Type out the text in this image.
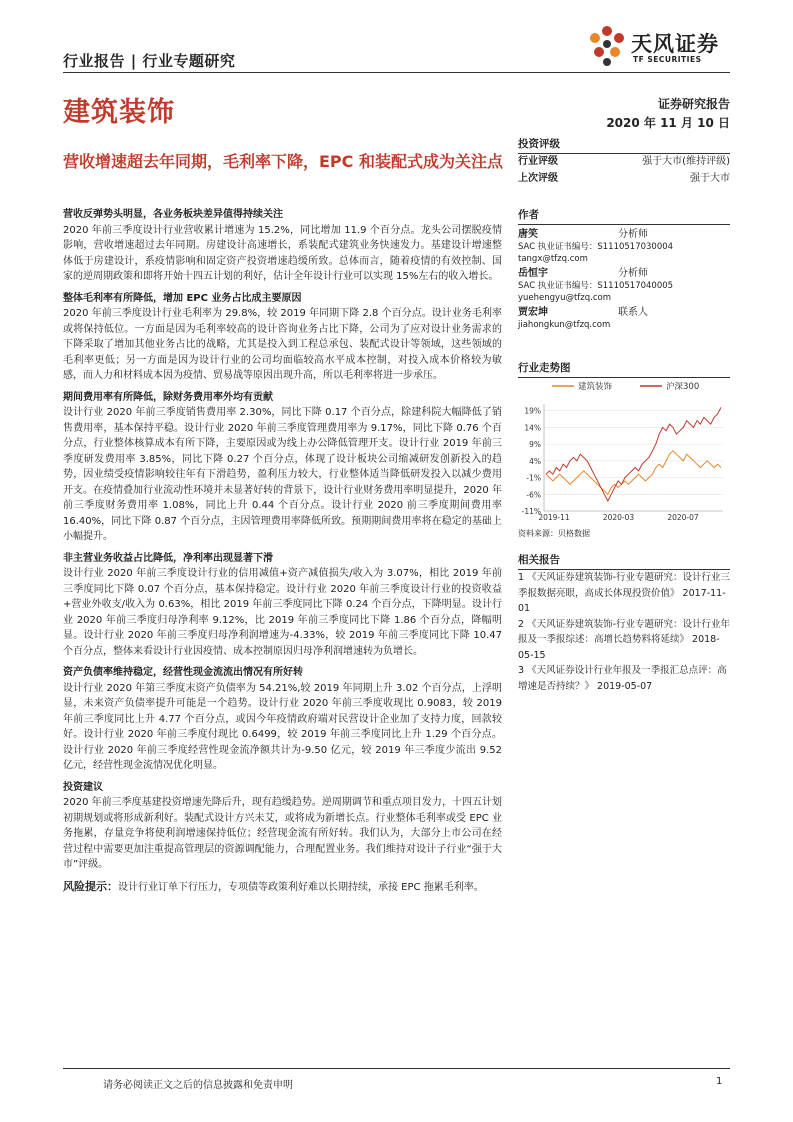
行业报告 | 行业专题研究
天风证券
TF SECURITIES
建筑装饰	证券研究报告
2020 年 11 月 10 日
营收增速超去年同期，毛利率下降，EPC 和装配式成为关注点
营收反弹势头明显，各业务板块差异值得持续关注

2020 年前三季度设计行业营收累计增速为 15.2%，同比增加 11.9 个百分点。龙头公司摆脱疫情影响，营收增速超过去年同期。房建设计高速增长，系装配式建筑业务快速发力。基建设计增速整体低于房建设计，系疫情影响和固定资产投资增速趋缓所致。总体而言，随着疫情的有效控制、国家的逆周期政策和即将开始十四五计划的利好，估计全年设计行业可以实现 15%左右的收入增长。

整体毛利率有所降低，增加 EPC 业务占比成主要原因

2020 年前三季度设计行业毛利率为 29.8%，较 2019 年同期下降 2.8 个百分点。设计业务毛利率或将保持低位。一方面是因为毛利率较高的设计咨询业务占比下降，公司为了应对设计业务需求的下降采取了增加其他业务占比的战略，尤其是投入到工程总承包、装配式设计等领域，这些领域的毛利率更低；另一方面是因为设计行业的公司均面临较高水平成本控制，对投入成本价格较为敏感，而人力和材料成本因为疫情、贸易战等原因出现升高，所以毛利率将进一步承压。

期间费用率有所降低，除财务费用率外均有贡献

设计行业 2020 年前三季度销售费用率 2.30%，同比下降 0.17 个百分点，除建科院大幅降低了销售费用率，基本保持平稳。设计行业 2020 年前三季度管理费用率为 9.17%，同比下降 0.76 个百分点，行业整体核算成本有所下降，主要原因或为线上办公降低管理开支。设计行业 2019 年前三季度研发费用率 3.85%，同比下降 0.27 个百分点，体现了设计板块公司缩减研发创新投入的趋势，因业绩受疫情影响较往年有下滑趋势，盈利压力较大，行业整体适当降低研发投入以减少费用开支。在疫情叠加行业流动性环境并未显著好转的背景下，设计行业财务费用率明显提升，2020 年前三季度财务费用率 1.08%，同比上升 0.44 个百分点。设计行业 2020 前三季度期间费用率 16.40%，同比下降 0.87 个百分点，主因管理费用率降低所致。预期期间费用率将在稳定的基础上小幅提升。

非主营业务收益占比降低，净利率出现显著下滑

设计行业 2020 年前三季度设计行业的信用减值+资产减值损失/收入为 3.07%，相比 2019 年前三季度同比下降 0.07 个百分点，基本保持稳定。设计行业 2020 年前三季度设计行业的投资收益+营业外收支/收入为 0.63%，相比 2019 年前三季度同比下降 0.24 个百分点，下降明显。设计行业 2020 年前三季度归母净利率 9.12%，比 2019 年前三季度同比下降 1.86 个百分点，降幅明显。设计行业 2020 年前三季度归母净利润增速为-4.33%，较 2019 年前三季度同比下降 10.47 个百分点，整体来看设计行业因疫情、成本控制原因归母净利润增速转为负增长。

资产负债率维持稳定，经营性现金流流出情况有所好转

设计行业 2020 年第三季度末资产负债率为 54.21%,较 2019 年同期上升 3.02 个百分点，上浮明显，未来资产负债率提升可能是一个趋势。设计行业 2020 年前三季度收现比 0.9083，较 2019 年前三季度同比上升 4.77 个百分点，或因今年疫情政府端对民营设计企业加了支持力度，回款较好。设计行业 2020 年前三季度付现比 0.6499，较 2019 年前三季度同比上升 1.29 个百分点。设计行业 2020 年前三季度经营性现金流净额共计为-9.50 亿元，较 2019 年三季度少流出 9.52 亿元，经营性现金流情况优化明显。

投资建议

2020 年前三季度基建投资增速先降后升，现有趋缓趋势。逆周期调节和重点项目发力，十四五计划初期规划或将形成新利好。装配式设计方兴未艾，或将成为新增长点。行业整体毛利率或受 EPC 业务拖累，存量竞争将使利润增速保持低位；经营现金流有所好转。我们认为，大部分上市公司在经营过程中需要更加注重提高管理层的资源调配能力，合理配置业务。我们维持对设计子行业“强于大市”评级。

风险提示：设计行业订单下行压力，专项债等政策利好难以长期持续，承接 EPC 拖累毛利率。

投资评级
行业评级	强于大市(维持评级)
上次评级	强于大市
作者
唐笑	分析师
SAC 执业证书编号：S1110517030004
tangx@tfzq.com
岳恒宇	分析师
SAC 执业证书编号：S1110517040005
yuehengyu@tfzq.com
贾宏坤	联系人
jiahongkun@tfzq.com
行业走势图
建筑装饰	沪深300
19%
14%
9%
4%
-1%
-6%
-11%
2019-11	2020-03	2020-07
资料来源：贝格数据
相关报告
1 《天风证券建筑装饰-行业专题研究：设计行业三季报数据亮眼，高成长体现投资价值》 2017-11-01
2 《天风证券建筑装饰-行业专题研究：设计行业年报及一季报综述：高增长趋势料将延续》 2018-05-15
3 《天风证券设计行业年报及一季报汇总点评：高增速是否持续？》 2019-05-07
请务必阅读正文之后的信息披露和免责申明	1
